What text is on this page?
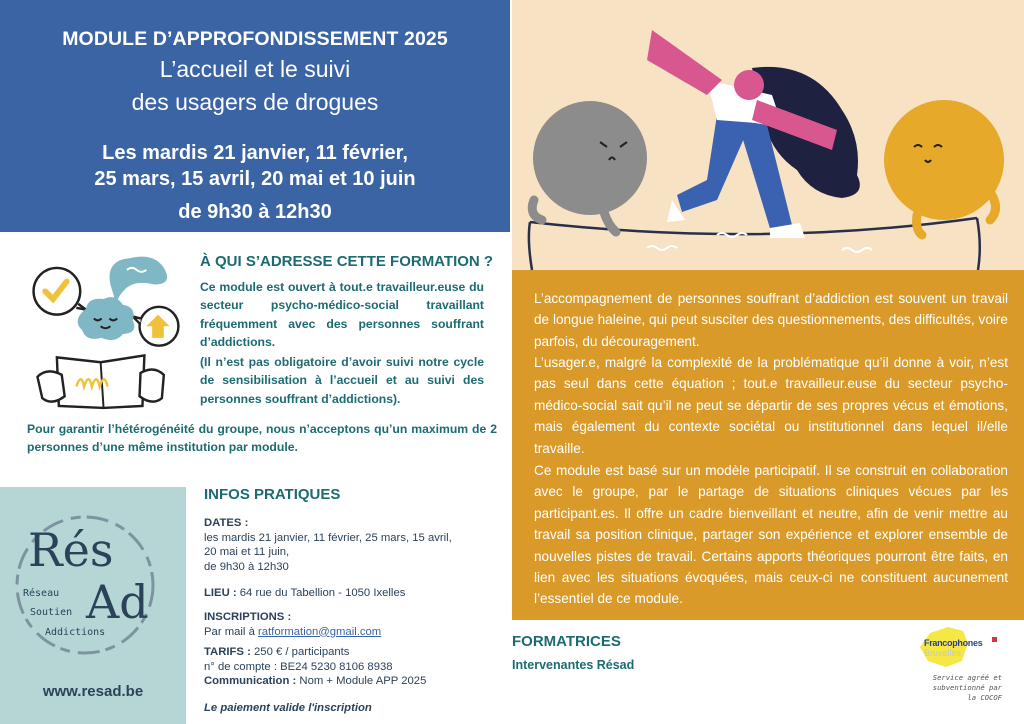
MODULE D’APPROFONDISSEMENT 2025
L’accueil et le suivi
des usagers de drogues
Les mardis 21 janvier, 11 février,
25 mars, 15 avril, 20 mai et 10 juin
de 9h30 à 12h30
À QUI S’ADRESSE CETTE FORMATION ?

Ce module est ouvert à tout.e travailleur.euse du secteur psycho-médico-social travaillant fréquemment avec des personnes souffrant d’addictions.

(Il n’est pas obligatoire d’avoir suivi notre cycle de sensibilisation à l’accueil et au suivi des personnes souffrant d’addictions).

Pour garantir l’hétérogénéité du groupe, nous n’acceptons qu’un maximum de 2 personnes d’une même institution par module.

L’accompagnement de personnes souffrant d’addiction est souvent un travail de longue haleine, qui peut susciter des questionnements, des difficultés, voire parfois, du découragement.

L’usager.e, malgré la complexité de la problématique qu’il donne à voir, n’est pas seul dans cette équation ; tout.e travailleur.euse du secteur psycho-médico-social sait qu’il ne peut se départir de ses propres vécus et émotions, mais également du contexte sociétal ou institutionnel dans lequel il/elle travaille.

Ce module est basé sur un modèle participatif. Il se construit en collaboration avec le groupe, par le partage de situations cliniques vécues par les participant.es. Il offre un cadre bienveillant et neutre, afin de venir mettre au travail sa position clinique, partager son expérience et explorer ensemble de nouvelles pistes de travail. Certains apports théoriques pourront être faits, en lien avec les situations évoquées, mais ceux-ci ne constituent aucunement l’essentiel de ce module.

Rés
Ad
Réseau
Soutien
Addictions
www.resad.be
INFOS PRATIQUES
DATES :
les mardis 21 janvier, 11 février, 25 mars, 15 avril,
20 mai et 11 juin,
de 9h30 à 12h30
LIEU : 64 rue du Tabellion - 1050 Ixelles
INSCRIPTIONS :
Par mail à ratformation@gmail.com
TARIFS : 250 € / participants
n° de compte : BE24 5230 8106 8938
Communication : Nom + Module APP 2025
Le paiement valide l'inscription
FORMATRICES
Intervenantes Résad
Francophones
Bruxelles
Service agréé et
subventionné par
la COCOF
